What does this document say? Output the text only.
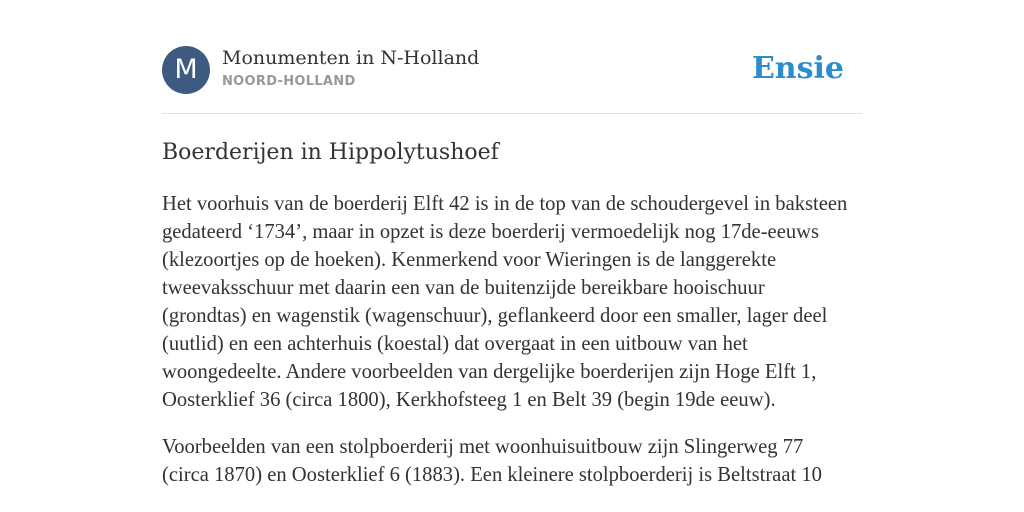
M	Monumenten in N-Holland
NOORD-HOLLAND	Ensie
Boerderijen in Hippolytushoef

Het voorhuis van de boerderij Elft 42 is in de top van de schoudergevel in baksteen gedateerd ‘1734’, maar in opzet is deze boerderij vermoedelijk nog 17de-eeuws (klezoortjes op de hoeken). Kenmerkend voor Wieringen is de langgerekte tweevaksschuur met daarin een van de buitenzijde bereikbare hooischuur (grondtas) en wagenstik (wagenschuur), geflankeerd door een smaller, lager deel (uutlid) en een achterhuis (koestal) dat overgaat in een uitbouw van het woongedeelte. Andere voorbeelden van dergelijke boerderijen zijn Hoge Elft 1, Oosterklief 36 (circa 1800), Kerkhofsteeg 1 en Belt 39 (begin 19de eeuw).

Voorbeelden van een stolpboerderij met woonhuisuitbouw zijn Slingerweg 77 (circa 1870) en Oosterklief 6 (1883). Een kleinere stolpboerderij is Beltstraat 10
